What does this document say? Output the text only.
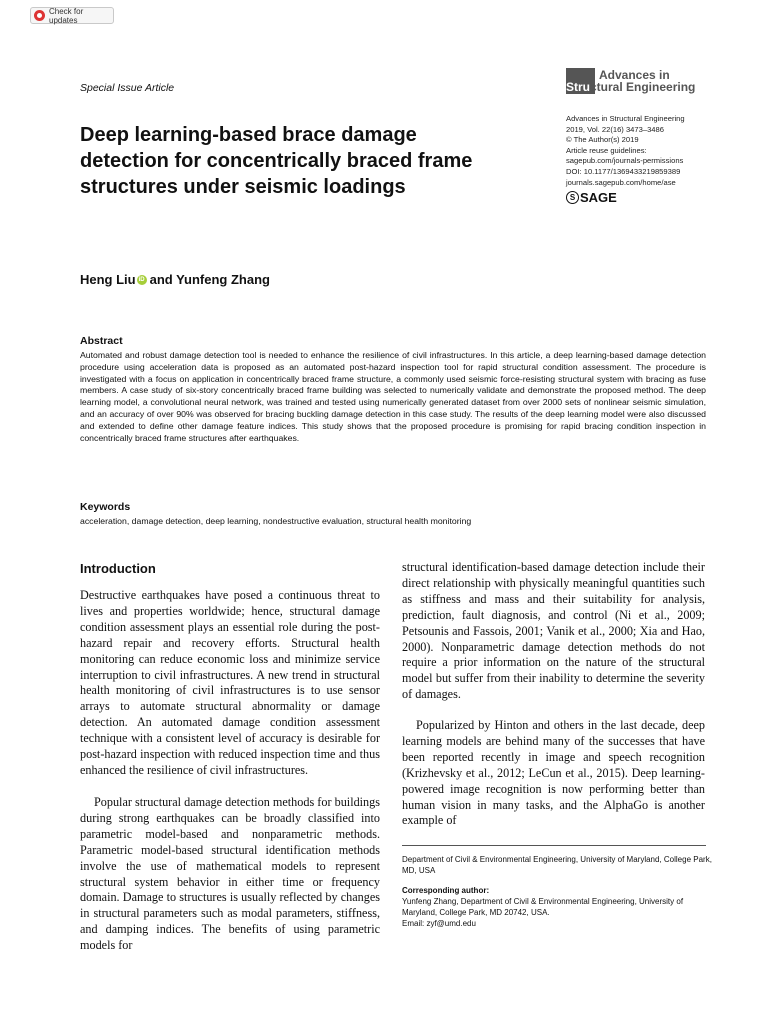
Check for updates
Special Issue Article
Advances in
Structural Engineering
Advances in Structural Engineering
2019, Vol. 22(16) 3473–3486
© The Author(s) 2019
Article reuse guidelines:
sagepub.com/journals-permissions
DOI: 10.1177/1369433219859389
journals.sagepub.com/home/ase
S SAGE
Deep learning-based brace damage detection for concentrically braced frame structures under seismic loadings
Heng Liu iD and Yunfeng Zhang
Abstract

Automated and robust damage detection tool is needed to enhance the resilience of civil infrastructures. In this article, a deep learning-based damage detection procedure using acceleration data is proposed as an automated post-hazard inspection tool for rapid structural condition assessment. The procedure is investigated with a focus on application in concentrically braced frame structure, a commonly used seismic force-resisting structural system with bracing as fuse members. A case study of six-story concentrically braced frame building was selected to numerically validate and demonstrate the proposed method. The deep learning model, a convolutional neural network, was trained and tested using numerically generated dataset from over 2000 sets of nonlinear seismic simulation, and an accuracy of over 90% was observed for bracing buckling damage detection in this case study. The results of the deep learning model were also discussed and extended to define other damage feature indices. This study shows that the proposed procedure is promising for rapid bracing condition inspection in concentrically braced frame structures after earthquakes.

Keywords

acceleration, damage detection, deep learning, nondestructive evaluation, structural health monitoring

Introduction

Destructive earthquakes have posed a continuous threat to lives and properties worldwide; hence, structural damage condition assessment plays an essential role during the post-hazard repair and recovery efforts. Structural health monitoring can reduce economic loss and minimize service interruption to civil infrastructures. A new trend in structural health monitoring of civil infrastructures is to use sensor arrays to automate structural abnormality or damage detection. An automated damage condition assessment technique with a consistent level of accuracy is desirable for post-hazard inspection with reduced inspection time and thus enhanced the resilience of civil infrastructures.

Popular structural damage detection methods for buildings during strong earthquakes can be broadly classified into parametric model-based and nonparametric methods. Parametric model-based structural identification methods involve the use of mathematical models to represent structural system behavior in either time or frequency domain. Damage to structures is usually reflected by changes in structural parameters such as modal parameters, stiffness, and damping indices. The benefits of using parametric models for

structural identification-based damage detection include their direct relationship with physically meaningful quantities such as stiffness and mass and their suitability for analysis, prediction, fault diagnosis, and control (Ni et al., 2009; Petsounis and Fassois, 2001; Vanik et al., 2000; Xia and Hao, 2000). Nonparametric damage detection methods do not require a prior information on the nature of the structural model but suffer from their inability to determine the severity of damages.

Popularized by Hinton and others in the last decade, deep learning models are behind many of the successes that have been reported recently in image and speech recognition (Krizhevsky et al., 2012; LeCun et al., 2015). Deep learning-powered image recognition is now performing better than human vision in many tasks, and the AlphaGo is another example of

Department of Civil & Environmental Engineering, University of Maryland, College Park, MD, USA

Corresponding author:

Yunfeng Zhang, Department of Civil & Environmental Engineering, University of Maryland, College Park, MD 20742, USA.

Email: zyf@umd.edu
